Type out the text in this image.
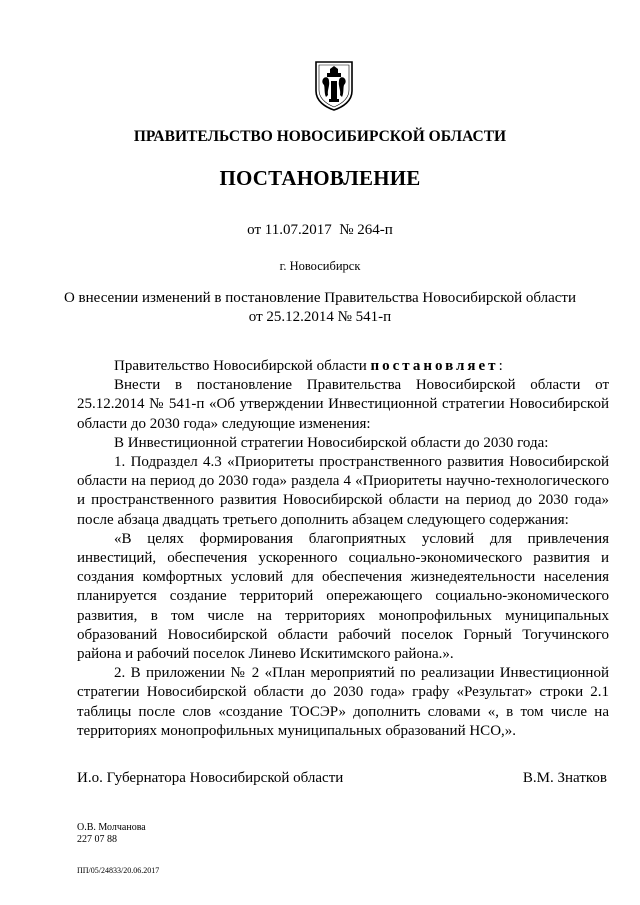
ПРАВИТЕЛЬСТВО НОВОСИБИРСКОЙ ОБЛАСТИ
ПОСТАНОВЛЕНИЕ
от 11.07.2017  № 264-п
г. Новосибирск
О внесении изменений в постановление Правительства Новосибирской области
от 25.12.2014 № 541-п

Правительство Новосибирской области постановляет:

Внести в постановление Правительства Новосибирской области от 25.12.2014 № 541-п «Об утверждении Инвестиционной стратегии Новосибирской области до 2030 года» следующие изменения:

В Инвестиционной стратегии Новосибирской области до 2030 года:

1. Подраздел 4.3 «Приоритеты пространственного развития Новосибирской области на период до 2030 года» раздела 4 «Приоритеты научно-технологического и пространственного развития Новосибирской области на период до 2030 года» после абзаца двадцать третьего дополнить абзацем следующего содержания:

«В целях формирования благоприятных условий для привлечения инвестиций, обеспечения ускоренного социально-экономического развития и создания комфортных условий для обеспечения жизнедеятельности населения планируется создание территорий опережающего социально-экономического развития, в том числе на территориях монопрофильных муниципальных образований Новосибирской области рабочий поселок Горный Тогучинского района и рабочий поселок Линево Искитимского района.».

2. В приложении № 2 «План мероприятий по реализации Инвестиционной стратегии Новосибирской области до 2030 года» графу «Результат» строки 2.1 таблицы после слов «создание ТОСЭР» дополнить словами «, в том числе на территориях монопрофильных муниципальных образований НСО,».

И.о. Губернатора Новосибирской области	В.М. Знатков
О.В. Молчанова
227 07 88
ПП/05/24833/20.06.2017
